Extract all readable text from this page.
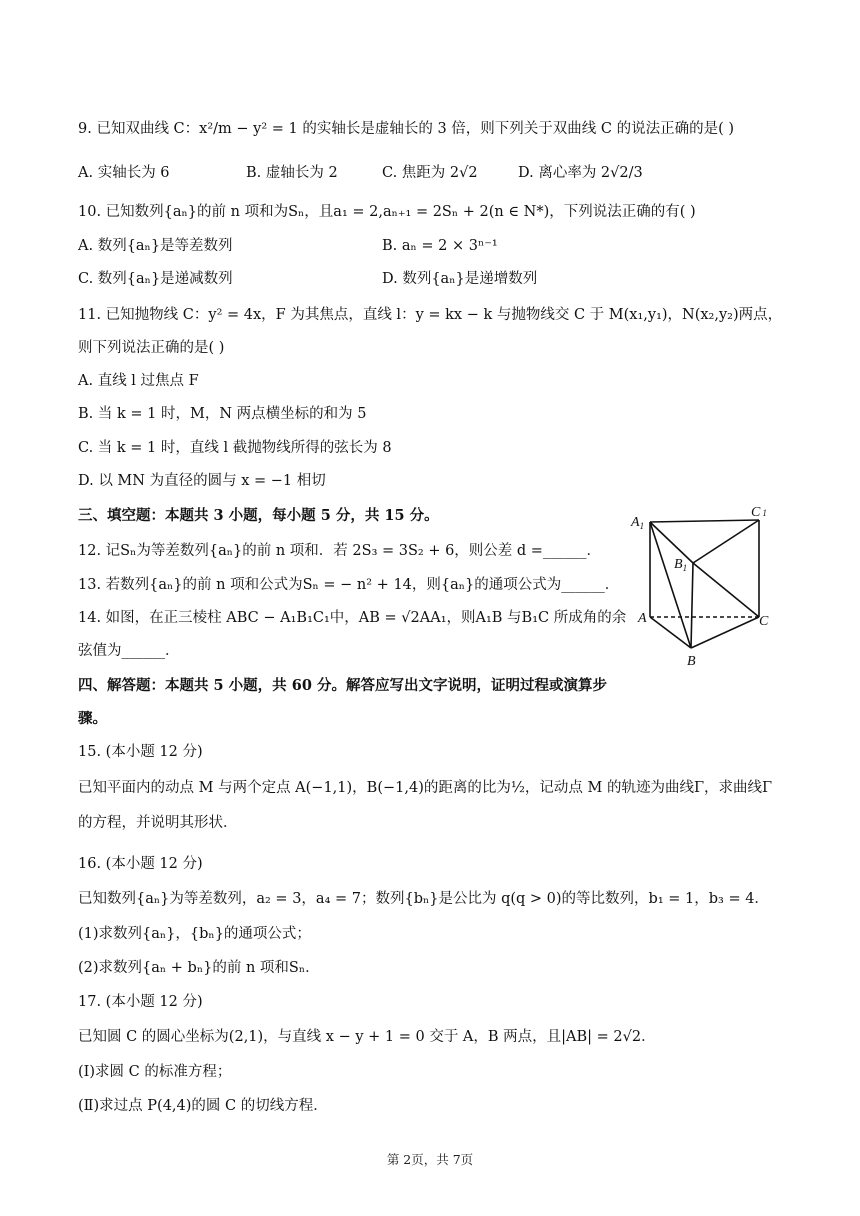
9. 已知双曲线 C：x²/m − y² = 1 的实轴长是虚轴长的 3 倍，则下列关于双曲线 C 的说法正确的是( )
A. 实轴长为 6	B. 虚轴长为 2	C. 焦距为 2√2	D. 离心率为 2√2/3
10. 已知数列{aₙ}的前 n 项和为Sₙ，且a₁ = 2,aₙ₊₁ = 2Sₙ + 2(n ∈ N*)，下列说法正确的有( )
A. 数列{aₙ}是等差数列	B. aₙ = 2 × 3ⁿ⁻¹
C. 数列{aₙ}是递减数列	D. 数列{aₙ}是递增数列
11. 已知抛物线 C：y² = 4x，F 为其焦点，直线 l：y = kx − k 与抛物线交 C 于 M(x₁,y₁)，N(x₂,y₂)两点，
则下列说法正确的是( )
A. 直线 l 过焦点 F
B. 当 k = 1 时，M，N 两点横坐标的和为 5
C. 当 k = 1 时，直线 l 截抛物线所得的弦长为 8
D. 以 MN 为直径的圆与 x = −1 相切
三、填空题：本题共 3 小题，每小题 5 分，共 15 分。
12. 记Sₙ为等差数列{aₙ}的前 n 项和．若 2S₃ = 3S₂ + 6，则公差 d =______．
13. 若数列{aₙ}的前 n 项和公式为Sₙ = − n² + 14，则{aₙ}的通项公式为______．
14. 如图，在正三棱柱 ABC − A₁B₁C₁中，AB = √2AA₁，则A₁B 与B₁C 所成角的余
弦值为______．
$A_1$
C 1
$B_1$
A	C
B
四、解答题：本题共 5 小题，共 60 分。解答应写出文字说明，证明过程或演算步
骤。
15. (本小题 12 分)
已知平面内的动点 M 与两个定点 A(−1,1)，B(−1,4)的距离的比为½，记动点 M 的轨迹为曲线Γ，求曲线Γ
的方程，并说明其形状．
16. (本小题 12 分)
已知数列{aₙ}为等差数列，a₂ = 3，a₄ = 7；数列{bₙ}是公比为 q(q > 0)的等比数列，b₁ = 1，b₃ = 4．
(1)求数列{aₙ}，{bₙ}的通项公式；
(2)求数列{aₙ + bₙ}的前 n 项和Sₙ．
17. (本小题 12 分)
已知圆 C 的圆心坐标为(2,1)，与直线 x − y + 1 = 0 交于 A，B 两点，且|AB| = 2√2．
(Ⅰ)求圆 C 的标准方程；
(Ⅱ)求过点 P(4,4)的圆 C 的切线方程．
第 2页，共 7页
